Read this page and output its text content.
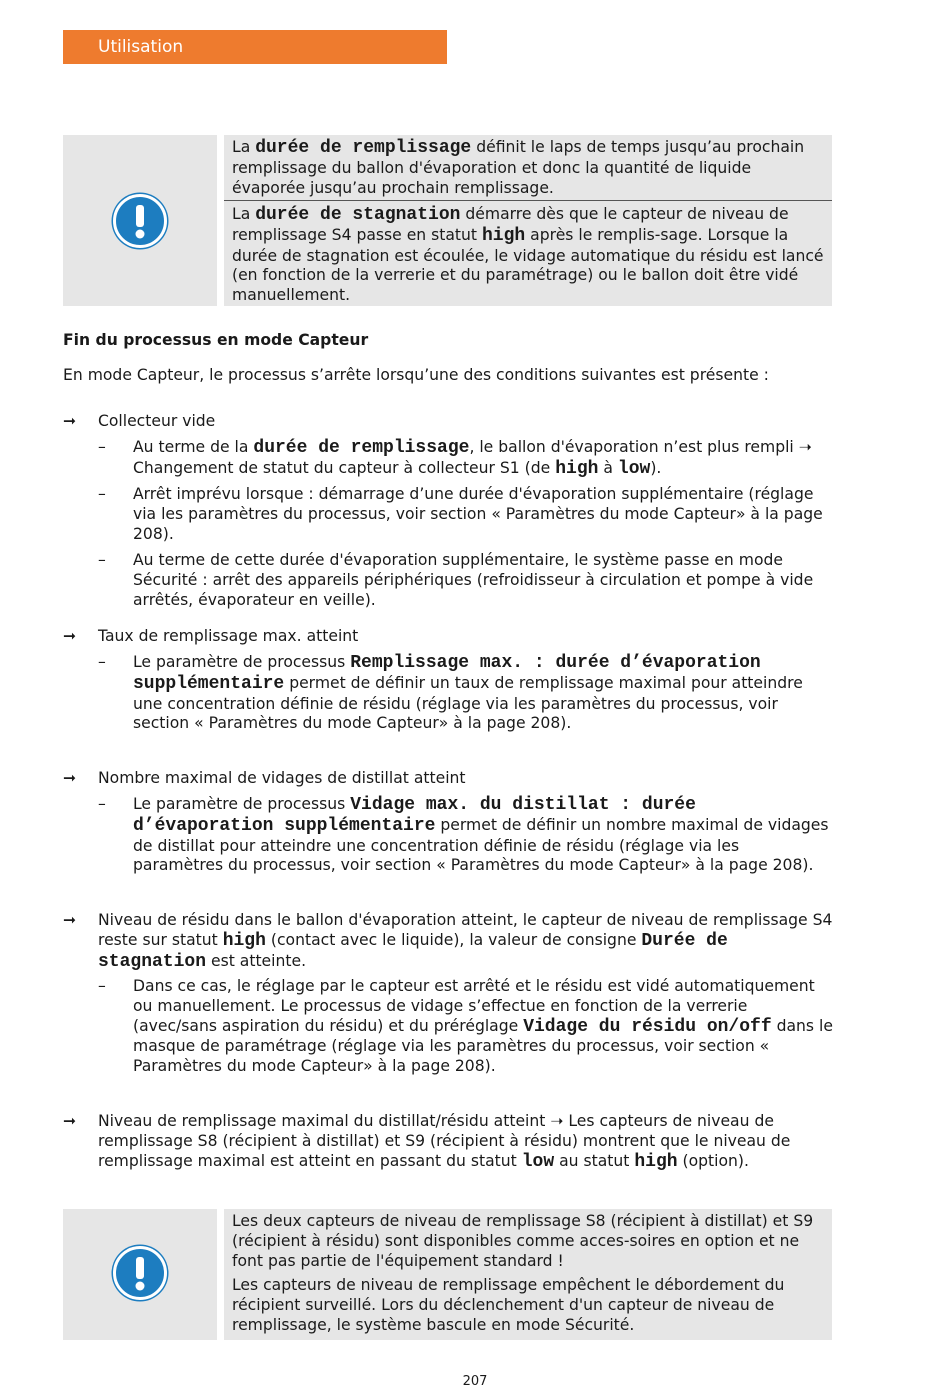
Utilisation
La durée de remplissage définit le laps de temps jusqu’au prochain remplissage du ballon d'évaporation et donc la quantité de liquide évaporée jusqu’au prochain remplissage.
La durée de stagnation démarre dès que le capteur de niveau de remplissage S4 passe en statut high après le remplis-sage. Lorsque la durée de stagnation est écoulée, le vidage automatique du résidu est lancé (en fonction de la verrerie et du paramétrage) ou le ballon doit être vidé manuellement.
Fin du processus en mode Capteur
En mode Capteur, le processus s’arrête lorsqu’une des conditions suivantes est présente :
➞	Collecteur vide
– Au terme de la durée de remplissage, le ballon d'évaporation n’est plus rempli ➝ Changement de statut du capteur à collecteur S1 (de high à low).
– Arrêt imprévu lorsque : démarrage d’une durée d'évaporation supplémentaire (réglage via les paramètres du processus, voir section « Paramètres du mode Capteur» à la page 208).
– Au terme de cette durée d'évaporation supplémentaire, le système passe en mode Sécurité : arrêt des appareils périphériques (refroidisseur à circulation et pompe à vide arrêtés, évaporateur en veille).
➞	Taux de remplissage max. atteint
– Le paramètre de processus Remplissage max. : durée d’évaporation supplémentaire permet de définir un taux de remplissage maximal pour atteindre une concentration définie de résidu (réglage via les paramètres du processus, voir section « Paramètres du mode Capteur» à la page 208).
➞	Nombre maximal de vidages de distillat atteint
– Le paramètre de processus Vidage max. du distillat : durée d’évaporation supplémentaire permet de définir un nombre maximal de vidages de distillat pour atteindre une concentration définie de résidu (réglage via les paramètres du processus, voir section « Paramètres du mode Capteur» à la page 208).
➞	Niveau de résidu dans le ballon d'évaporation atteint, le capteur de niveau de remplissage S4 reste sur statut high (contact avec le liquide), la valeur de consigne Durée de stagnation est atteinte.
– Dans ce cas, le réglage par le capteur est arrêté et le résidu est vidé automatiquement ou manuellement. Le processus de vidage s’effectue en fonction de la verrerie (avec/sans aspiration du résidu) et du préréglage Vidage du résidu on/off dans le masque de paramétrage (réglage via les paramètres du processus, voir section « Paramètres du mode Capteur» à la page 208).
➞	Niveau de remplissage maximal du distillat/résidu atteint ➝ Les capteurs de niveau de remplissage S8 (récipient à distillat) et S9 (récipient à résidu) montrent que le niveau de remplissage maximal est atteint en passant du statut low au statut high (option).
Les deux capteurs de niveau de remplissage S8 (récipient à distillat) et S9 (récipient à résidu) sont disponibles comme acces-soires en option et ne font pas partie de l'équipement standard !
Les capteurs de niveau de remplissage empêchent le débordement du récipient surveillé. Lors du déclenchement d'un capteur de niveau de remplissage, le système bascule en mode Sécurité.
207
